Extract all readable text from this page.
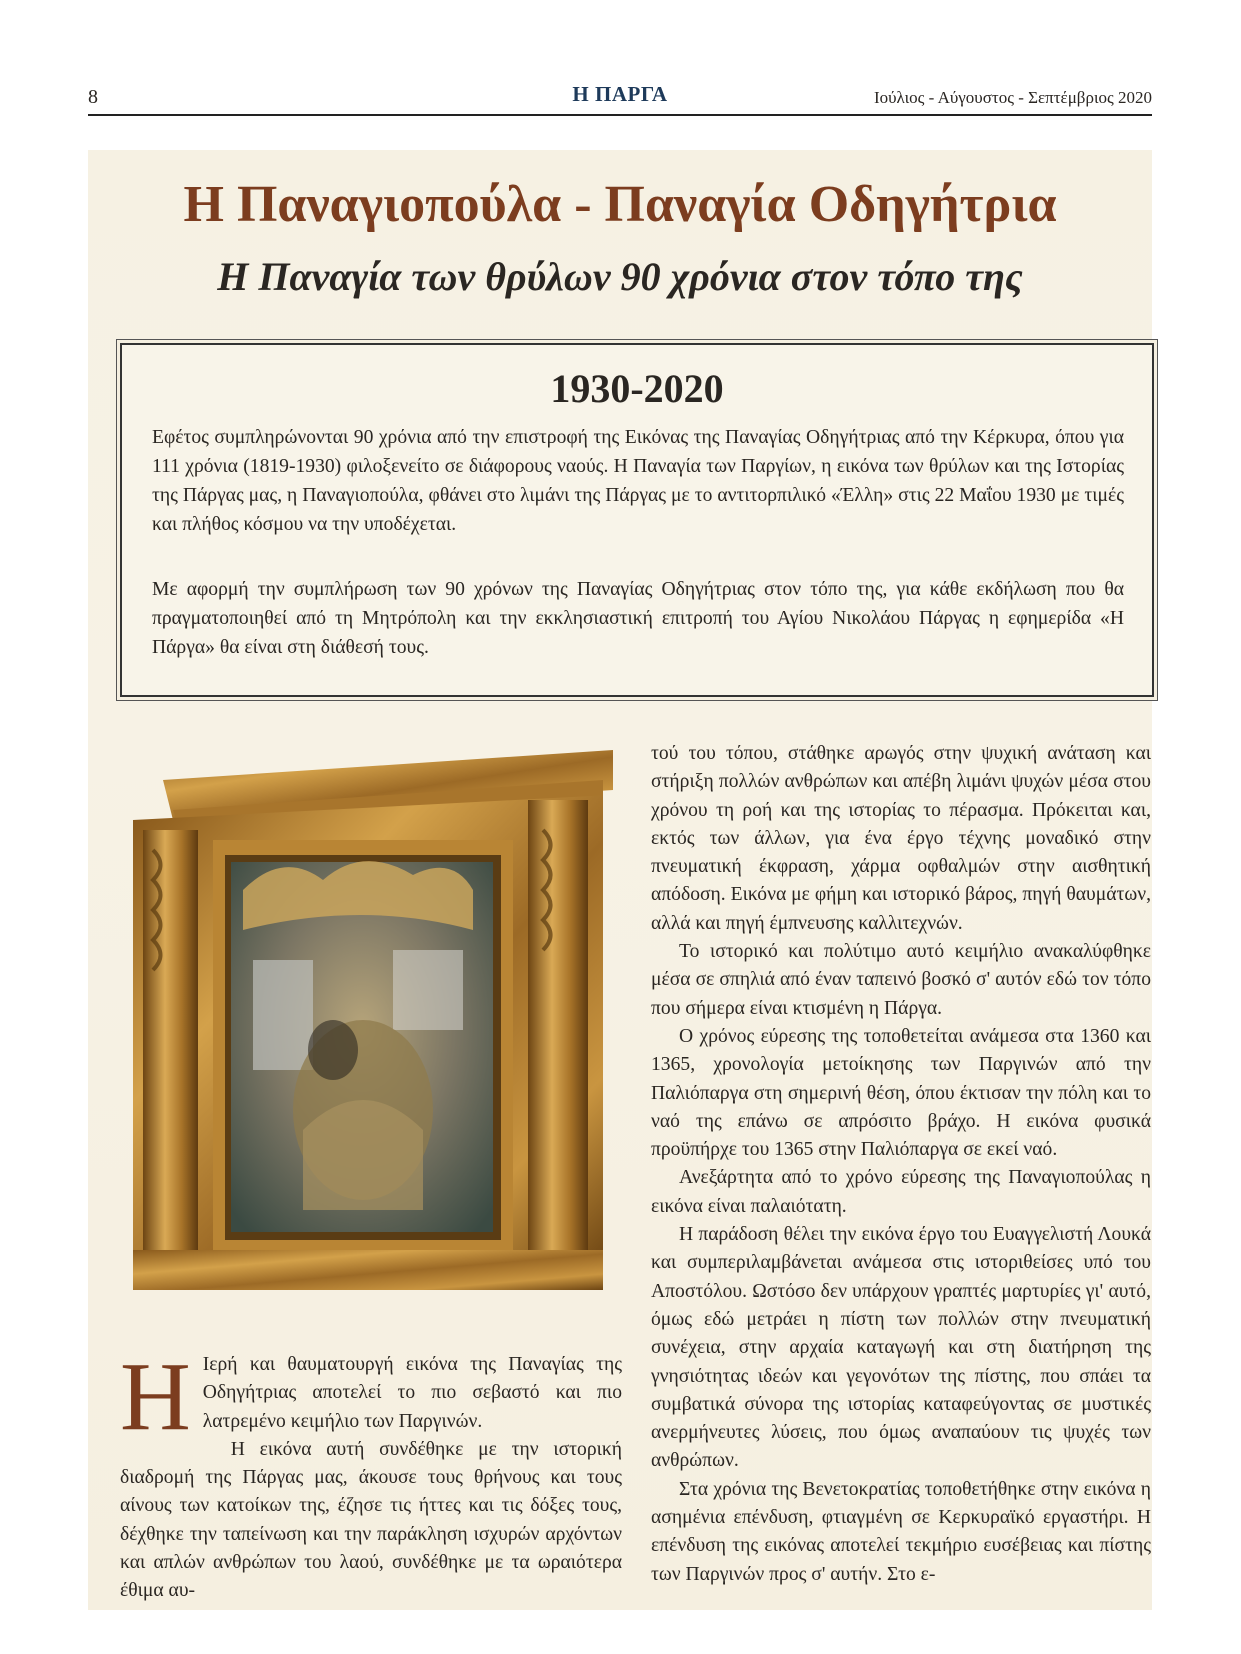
8	Η ΠΑΡΓΑ	Ιούλιος - Αύγουστος - Σεπτέμβριος 2020
Η Παναγιοπούλα - Παναγία Οδηγήτρια
Η Παναγία των θρύλων 90 χρόνια στον τόπο της
1930-2020

Εφέτος συμπληρώνονται 90 χρόνια από την επιστροφή της Εικόνας της Παναγίας Οδηγήτριας από την Κέρκυρα, όπου για 111 χρόνια (1819-1930) φιλοξενείτο σε διάφορους ναούς. Η Παναγία των Παργίων, η εικόνα των θρύλων και της Ιστορίας της Πάργας μας, η Παναγιοπούλα, φθάνει στο λιμάνι της Πάργας με το αντιτορπιλικό «Έλλη» στις 22 Μαΐου 1930 με τιμές και πλήθος κόσμου να την υποδέχεται.

Με αφορμή την συμπλήρωση των 90 χρόνων της Παναγίας Οδηγήτριας στον τόπο της, για κάθε εκδήλωση που θα πραγματοποιηθεί από τη Μητρόπολη και την εκκλησιαστική επιτροπή του Αγίου Νικολάου Πάργας η εφημερίδα «Η Πάργα» θα είναι στη διάθεσή τους.

Η Ιερή και θαυματουργή εικόνα της Παναγίας της Οδηγήτριας αποτελεί το πιο σεβαστό και πιο λατρεμένο κειμήλιο των Παργινών.

Η εικόνα αυτή συνδέθηκε με την ιστορική διαδρομή της Πάργας μας, άκουσε τους θρήνους και τους αίνους των κατοίκων της, έζησε τις ήττες και τις δόξες τους, δέχθηκε την ταπείνωση και την παράκληση ισχυρών αρχόντων και απλών ανθρώπων του λαού, συνδέθηκε με τα ωραιότερα έθιμα αυ-

τού του τόπου, στάθηκε αρωγός στην ψυχική ανάταση και στήριξη πολλών ανθρώπων και απέβη λιμάνι ψυχών μέσα στου χρόνου τη ροή και της ιστορίας το πέρασμα. Πρόκειται και, εκτός των άλλων, για ένα έργο τέχνης μοναδικό στην πνευματική έκφραση, χάρμα οφθαλμών στην αισθητική απόδοση. Εικόνα με φήμη και ιστορικό βάρος, πηγή θαυμάτων, αλλά και πηγή έμπνευσης καλλιτεχνών.

Το ιστορικό και πολύτιμο αυτό κειμήλιο ανακαλύφθηκε μέσα σε σπηλιά από έναν ταπεινό βοσκό σ' αυτόν εδώ τον τόπο που σήμερα είναι κτισμένη η Πάργα.

Ο χρόνος εύρεσης της τοποθετείται ανάμεσα στα 1360 και 1365, χρονολογία μετοίκησης των Παργινών από την Παλιόπαργα στη σημερινή θέση, όπου έκτισαν την πόλη και το ναό της επάνω σε απρόσιτο βράχο. Η εικόνα φυσικά προϋπήρχε του 1365 στην Παλιόπαργα σε εκεί ναό.

Ανεξάρτητα από το χρόνο εύρεσης της Παναγιοπούλας η εικόνα είναι παλαιότατη.

Η παράδοση θέλει την εικόνα έργο του Ευαγγελιστή Λουκά και συμπεριλαμβάνεται ανάμεσα στις ιστοριθείσες υπό του Αποστόλου. Ωστόσο δεν υπάρχουν γραπτές μαρτυρίες γι' αυτό, όμως εδώ μετράει η πίστη των πολλών στην πνευματική συνέχεια, στην αρχαία καταγωγή και στη διατήρηση της γνησιότητας ιδεών και γεγονότων της πίστης, που σπάει τα συμβατικά σύνορα της ιστορίας καταφεύγοντας σε μυστικές ανερμήνευτες λύσεις, που όμως αναπαύουν τις ψυχές των ανθρώπων.

Στα χρόνια της Βενετοκρατίας τοποθετήθηκε στην εικόνα η ασημένια επένδυση, φτιαγμένη σε Κερκυραϊκό εργαστήρι. Η επένδυση της εικόνας αποτελεί τεκμήριο ευσέβειας και πίστης των Παργινών προς σ' αυτήν. Στο ε-
